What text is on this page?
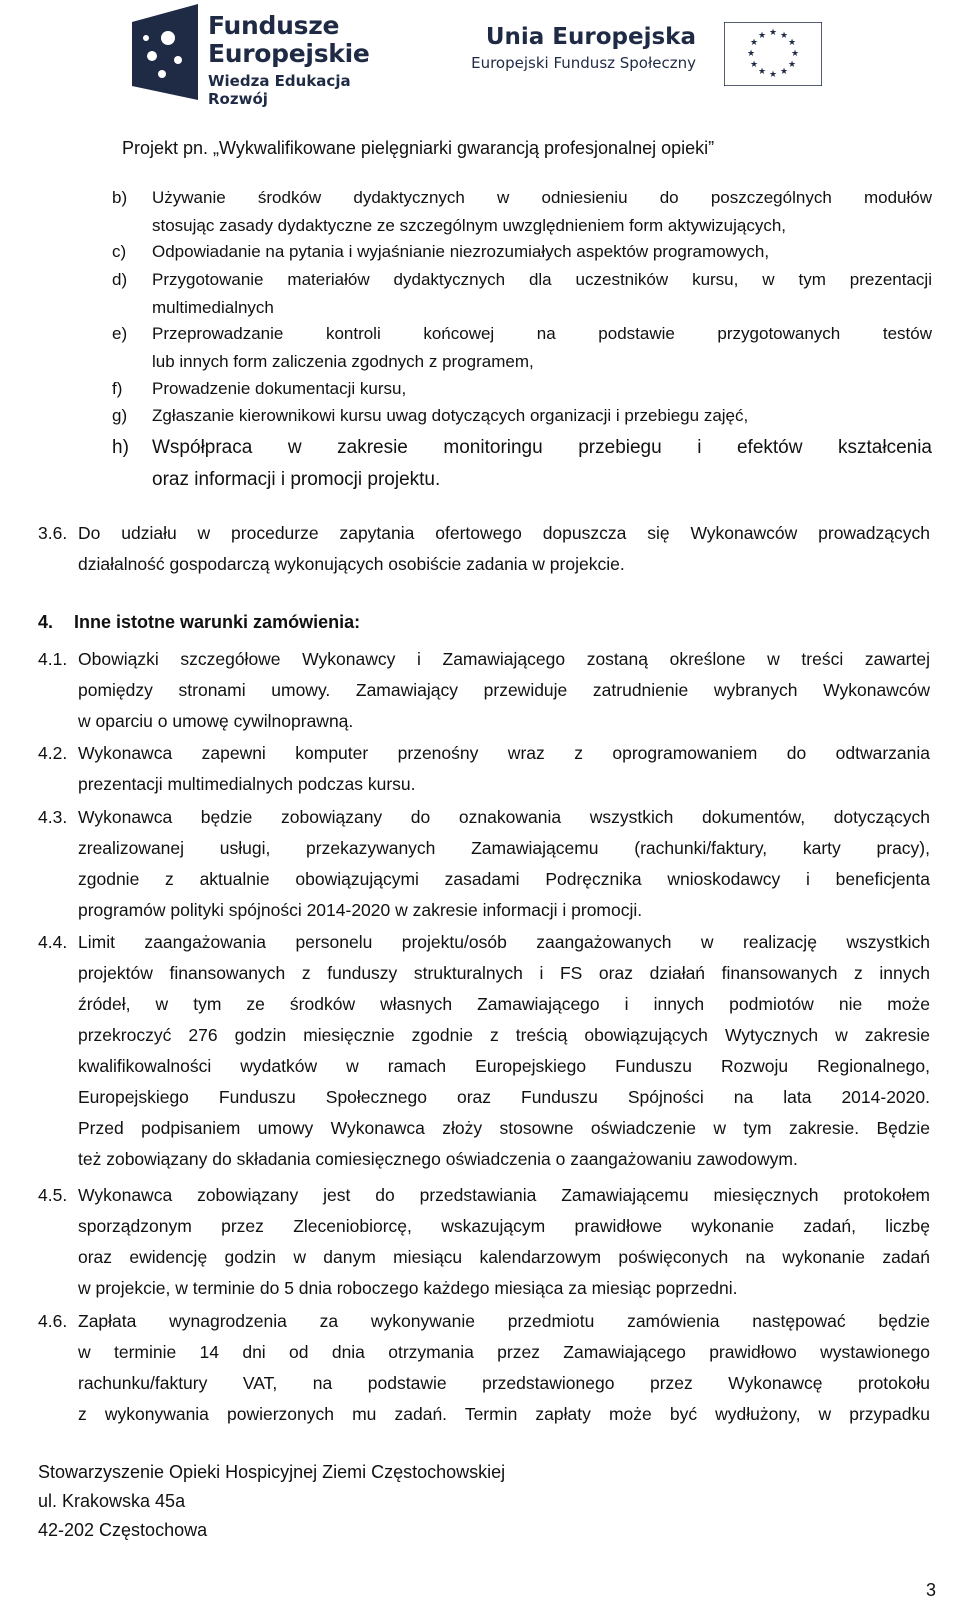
Fundusze
Europejskie
Wiedza Edukacja Rozwój
Unia Europejska
Europejski Fundusz Społeczny
★ ★
★
★
★
★
★
★
★
★
★
★
Projekt pn. „Wykwalifikowane pielęgniarki gwarancją profesjonalnej opieki”
b) Używanie środków dydaktycznych w odniesieniu do poszczególnych modułów
stosując zasady dydaktyczne ze szczególnym uwzględnieniem form aktywizujących,
c) Odpowiadanie na pytania i wyjaśnianie niezrozumiałych aspektów programowych,
d) Przygotowanie materiałów dydaktycznych dla uczestników kursu, w tym prezentacji
multimedialnych
e) Przeprowadzanie kontroli końcowej na podstawie przygotowanych testów
lub innych form zaliczenia zgodnych z programem,
f) Prowadzenie dokumentacji kursu,
g) Zgłaszanie kierownikowi kursu uwag dotyczących organizacji i przebiegu zajęć,
h) Współpraca w zakresie monitoringu przebiegu i efektów kształcenia
oraz informacji i promocji projektu.
3.6. Do udziału w procedurze zapytania ofertowego dopuszcza się Wykonawców prowadzących
działalność gospodarczą wykonujących osobiście zadania w projekcie.
4. Inne istotne warunki zamówienia:
4.1. Obowiązki szczegółowe Wykonawcy i Zamawiającego zostaną określone w treści zawartej
pomiędzy stronami umowy. Zamawiający przewiduje zatrudnienie wybranych Wykonawców
w oparciu o umowę cywilnoprawną.
4.2. Wykonawca zapewni komputer przenośny wraz z oprogramowaniem do odtwarzania
prezentacji multimedialnych podczas kursu.
4.3. Wykonawca będzie zobowiązany do oznakowania wszystkich dokumentów, dotyczących
zrealizowanej usługi, przekazywanych Zamawiającemu (rachunki/faktury, karty pracy),
zgodnie z aktualnie obowiązującymi zasadami Podręcznika wnioskodawcy i beneficjenta
programów polityki spójności 2014-2020 w zakresie informacji i promocji.
4.4. Limit zaangażowania personelu projektu/osób zaangażowanych w realizację wszystkich
projektów finansowanych z funduszy strukturalnych i FS oraz działań finansowanych z innych
źródeł, w tym ze środków własnych Zamawiającego i innych podmiotów nie może
przekroczyć 276 godzin miesięcznie zgodnie z treścią obowiązujących Wytycznych w zakresie
kwalifikowalności wydatków w ramach Europejskiego Funduszu Rozwoju Regionalnego,
Europejskiego Funduszu Społecznego oraz Funduszu Spójności na lata 2014-2020.
Przed podpisaniem umowy Wykonawca złoży stosowne oświadczenie w tym zakresie. Będzie
też zobowiązany do składania comiesięcznego oświadczenia o zaangażowaniu zawodowym.
4.5. Wykonawca zobowiązany jest do przedstawiania Zamawiającemu miesięcznych protokołem
sporządzonym przez Zleceniobiorcę, wskazującym prawidłowe wykonanie zadań, liczbę
oraz ewidencję godzin w danym miesiącu kalendarzowym poświęconych na wykonanie zadań
w projekcie, w terminie do 5 dnia roboczego każdego miesiąca za miesiąc poprzedni.
4.6. Zapłata wynagrodzenia za wykonywanie przedmiotu zamówienia następować będzie
w terminie 14 dni od dnia otrzymania przez Zamawiającego prawidłowo wystawionego
rachunku/faktury VAT, na podstawie przedstawionego przez Wykonawcę protokołu
z wykonywania powierzonych mu zadań. Termin zapłaty może być wydłużony, w przypadku
Stowarzyszenie Opieki Hospicyjnej Ziemi Częstochowskiej
ul. Krakowska 45a
42-202 Częstochowa
3
